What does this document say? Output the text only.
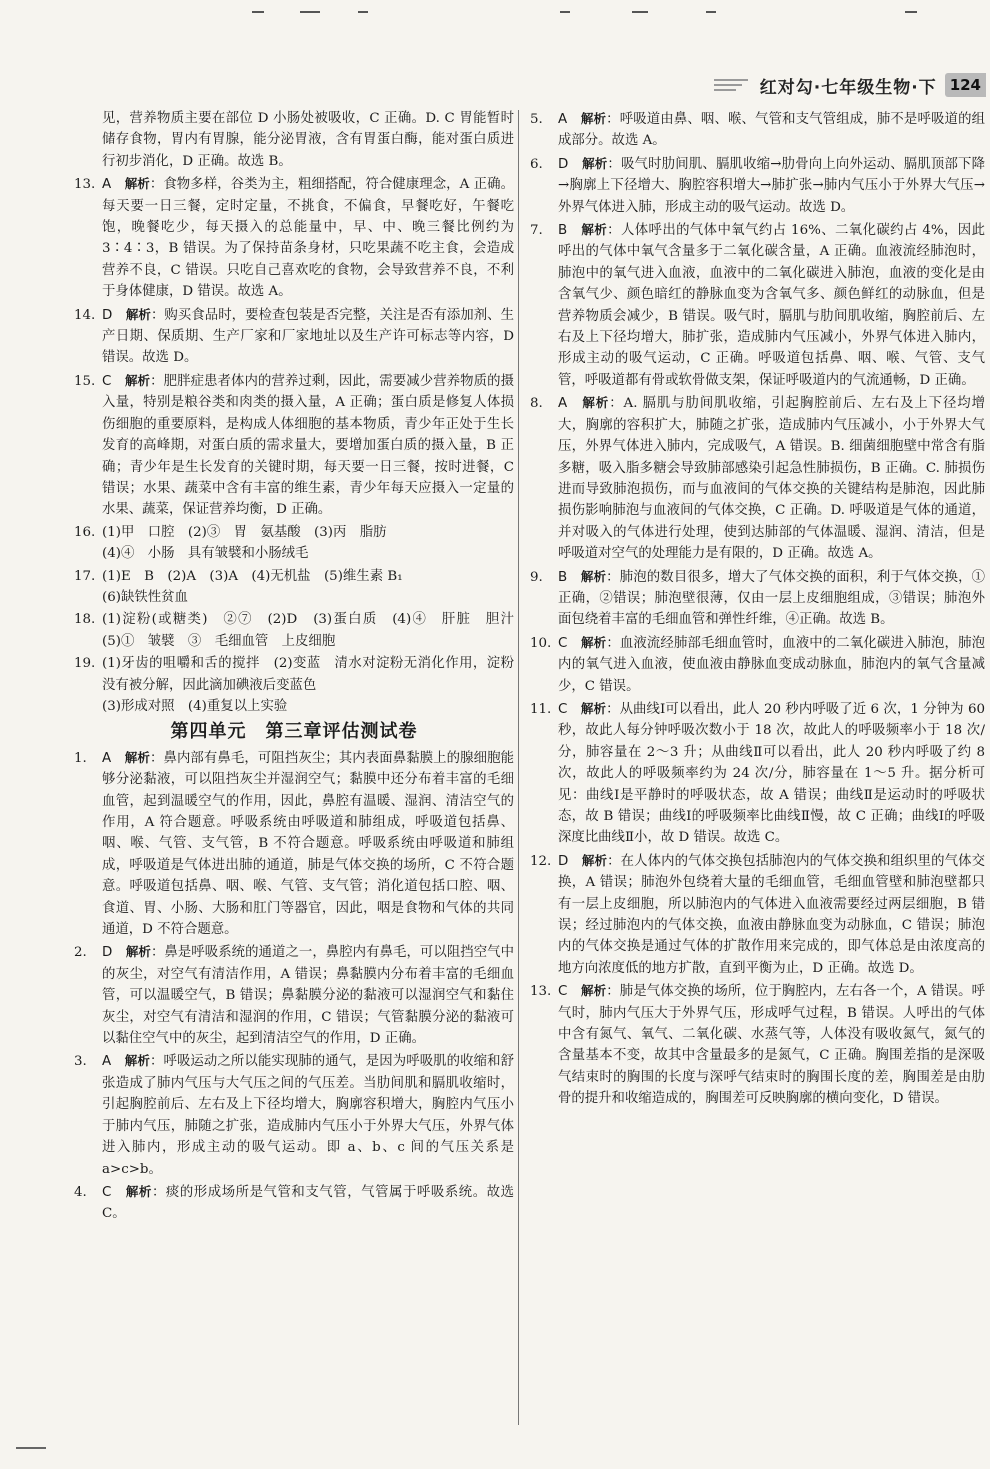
红对勾·七年级生物·下 124

见，营养物质主要在部位 D 小肠处被吸收，C 正确。D. C 胃能暂时储存食物，胃内有胃腺，能分泌胃液，含有胃蛋白酶，能对蛋白质进行初步消化，D 正确。故选 B。

13. A　 解析：食物多样，谷类为主，粗细搭配，符合健康理念，A 正确。每天要一日三餐，定时定量，不挑食，不偏食，早餐吃好，午餐吃饱，晚餐吃少，每天摄入的总能量中，早、中、晚三餐比例约为 3∶4∶3，B 错误。为了保持苗条身材，只吃果蔬不吃主食，会造成营养不良，C 错误。只吃自己喜欢吃的食物，会导致营养不良，不利于身体健康，D 错误。故选 A。

14. D　 解析：购买食品时，要检查包装是否完整，关注是否有添加剂、生产日期、保质期、生产厂家和厂家地址以及生产许可标志等内容，D 错误。故选 D。

15. C　 解析：肥胖症患者体内的营养过剩，因此，需要减少营养物质的摄入量，特别是粮谷类和肉类的摄入量，A 正确；蛋白质是修复人体损伤细胞的重要原料，是构成人体细胞的基本物质，青少年正处于生长发育的高峰期，对蛋白质的需求量大，要增加蛋白质的摄入量，B 正确；青少年是生长发育的关键时期，每天要一日三餐，按时进餐，C 错误；水果、蔬菜中含有丰富的维生素，青少年每天应摄入一定量的水果、蔬菜，保证营养均衡，D 正确。

16. (1)甲　口腔　(2)③　胃　氨基酸　(3)丙　脂肪
(4)④　小肠　具有皱襞和小肠绒毛

17. (1)E　B　(2)A　(3)A　(4)无机盐　(5)维生素 B₁
(6)缺铁性贫血

18. (1)淀粉(或糖类)　②⑦　(2)D　(3)蛋白质　(4)④　肝脏　胆汁　(5)①　皱襞　③　毛细血管　上皮细胞

19. (1)牙齿的咀嚼和舌的搅拌　(2)变蓝　清水对淀粉无消化作用，淀粉没有被分解，因此滴加碘液后变蓝色
(3)形成对照　(4)重复以上实验

第四单元　第三章评估测试卷

1. A　 解析：鼻内部有鼻毛，可阻挡灰尘；其内表面鼻黏膜上的腺细胞能够分泌黏液，可以阻挡灰尘并湿润空气；黏膜中还分布着丰富的毛细血管，起到温暖空气的作用，因此，鼻腔有温暖、湿润、清洁空气的作用，A 符合题意。呼吸系统由呼吸道和肺组成，呼吸道包括鼻、咽、喉、气管、支气管，B 不符合题意。呼吸系统由呼吸道和肺组成，呼吸道是气体进出肺的通道，肺是气体交换的场所，C 不符合题意。呼吸道包括鼻、咽、喉、气管、支气管；消化道包括口腔、咽、食道、胃、小肠、大肠和肛门等器官，因此，咽是食物和气体的共同通道，D 不符合题意。

2. D　 解析：鼻是呼吸系统的通道之一，鼻腔内有鼻毛，可以阻挡空气中的灰尘，对空气有清洁作用，A 错误；鼻黏膜内分布着丰富的毛细血管，可以温暖空气，B 错误；鼻黏膜分泌的黏液可以湿润空气和黏住灰尘，对空气有清洁和湿润的作用，C 错误；气管黏膜分泌的黏液可以黏住空气中的灰尘，起到清洁空气的作用，D 正确。

3. A　 解析：呼吸运动之所以能实现肺的通气，是因为呼吸肌的收缩和舒张造成了肺内气压与大气压之间的气压差。当肋间肌和膈肌收缩时，引起胸腔前后、左右及上下径均增大，胸廓容积增大，胸腔内气压小于肺内气压，肺随之扩张，造成肺内气压小于外界大气压，外界气体进入肺内，形成主动的吸气运动。即 a、b、c 间的气压关系是 a>c>b。

4. C　 解析：痰的形成场所是气管和支气管，气管属于呼吸系统。故选 C。

5. A　 解析：呼吸道由鼻、咽、喉、气管和支气管组成，肺不是呼吸道的组成部分。故选 A。

6. D　 解析：吸气时肋间肌、膈肌收缩→肋骨向上向外运动、膈肌顶部下降→胸廓上下径增大、胸腔容积增大→肺扩张→肺内气压小于外界大气压→外界气体进入肺，形成主动的吸气运动。故选 D。

7. B　 解析：人体呼出的气体中氧气约占 16%、二氧化碳约占 4%，因此呼出的气体中氧气含量多于二氧化碳含量，A 正确。血液流经肺泡时，肺泡中的氧气进入血液，血液中的二氧化碳进入肺泡，血液的变化是由含氧气少、颜色暗红的静脉血变为含氧气多、颜色鲜红的动脉血，但是营养物质会减少，B 错误。吸气时，膈肌与肋间肌收缩，胸腔前后、左右及上下径均增大，肺扩张，造成肺内气压减小，外界气体进入肺内，形成主动的吸气运动，C 正确。呼吸道包括鼻、咽、喉、气管、支气管，呼吸道都有骨或软骨做支架，保证呼吸道内的气流通畅，D 正确。

8. A　 解析：A. 膈肌与肋间肌收缩，引起胸腔前后、左右及上下径均增大，胸廓的容积扩大，肺随之扩张，造成肺内气压减小，小于外界大气压，外界气体进入肺内，完成吸气，A 错误。B. 细菌细胞壁中常含有脂多糖，吸入脂多糖会导致肺部感染引起急性肺损伤，B 正确。C. 肺损伤进而导致肺泡损伤，而与血液间的气体交换的关键结构是肺泡，因此肺损伤影响肺泡与血液间的气体交换，C 正确。D. 呼吸道是气体的通道，并对吸入的气体进行处理，使到达肺部的气体温暖、湿润、清洁，但是呼吸道对空气的处理能力是有限的，D 正确。故选 A。

9. B　 解析：肺泡的数目很多，增大了气体交换的面积，利于气体交换，①正确，②错误；肺泡壁很薄，仅由一层上皮细胞组成，③错误；肺泡外面包绕着丰富的毛细血管和弹性纤维，④正确。故选 B。

10. C　 解析：血液流经肺部毛细血管时，血液中的二氧化碳进入肺泡，肺泡内的氧气进入血液，使血液由静脉血变成动脉血，肺泡内的氧气含量减少，C 错误。

11. C　 解析：从曲线Ⅰ可以看出，此人 20 秒内呼吸了近 6 次，1 分钟为 60 秒，故此人每分钟呼吸次数小于 18 次，故此人的呼吸频率小于 18 次/分，肺容量在 2～3 升；从曲线Ⅱ可以看出，此人 20 秒内呼吸了约 8 次，故此人的呼吸频率约为 24 次/分，肺容量在 1～5 升。据分析可见：曲线Ⅰ是平静时的呼吸状态，故 A 错误；曲线Ⅱ是运动时的呼吸状态，故 B 错误；曲线Ⅰ的呼吸频率比曲线Ⅱ慢，故 C 正确；曲线Ⅰ的呼吸深度比曲线Ⅱ小，故 D 错误。故选 C。

12. D　 解析：在人体内的气体交换包括肺泡内的气体交换和组织里的气体交换，A 错误；肺泡外包绕着大量的毛细血管，毛细血管壁和肺泡壁都只有一层上皮细胞，所以肺泡内的气体进入血液需要经过两层细胞，B 错误；经过肺泡内的气体交换，血液由静脉血变为动脉血，C 错误；肺泡内的气体交换是通过气体的扩散作用来完成的，即气体总是由浓度高的地方向浓度低的地方扩散，直到平衡为止，D 正确。故选 D。

13. C　 解析：肺是气体交换的场所，位于胸腔内，左右各一个，A 错误。呼气时，肺内气压大于外界气压，形成呼气过程，B 错误。人呼出的气体中含有氮气、氧气、二氧化碳、水蒸气等，人体没有吸收氮气，氮气的含量基本不变，故其中含量最多的是氮气，C 正确。胸围差指的是深吸气结束时的胸围的长度与深呼气结束时的胸围长度的差，胸围差是由肋骨的提升和收缩造成的，胸围差可反映胸廓的横向变化，D 错误。
